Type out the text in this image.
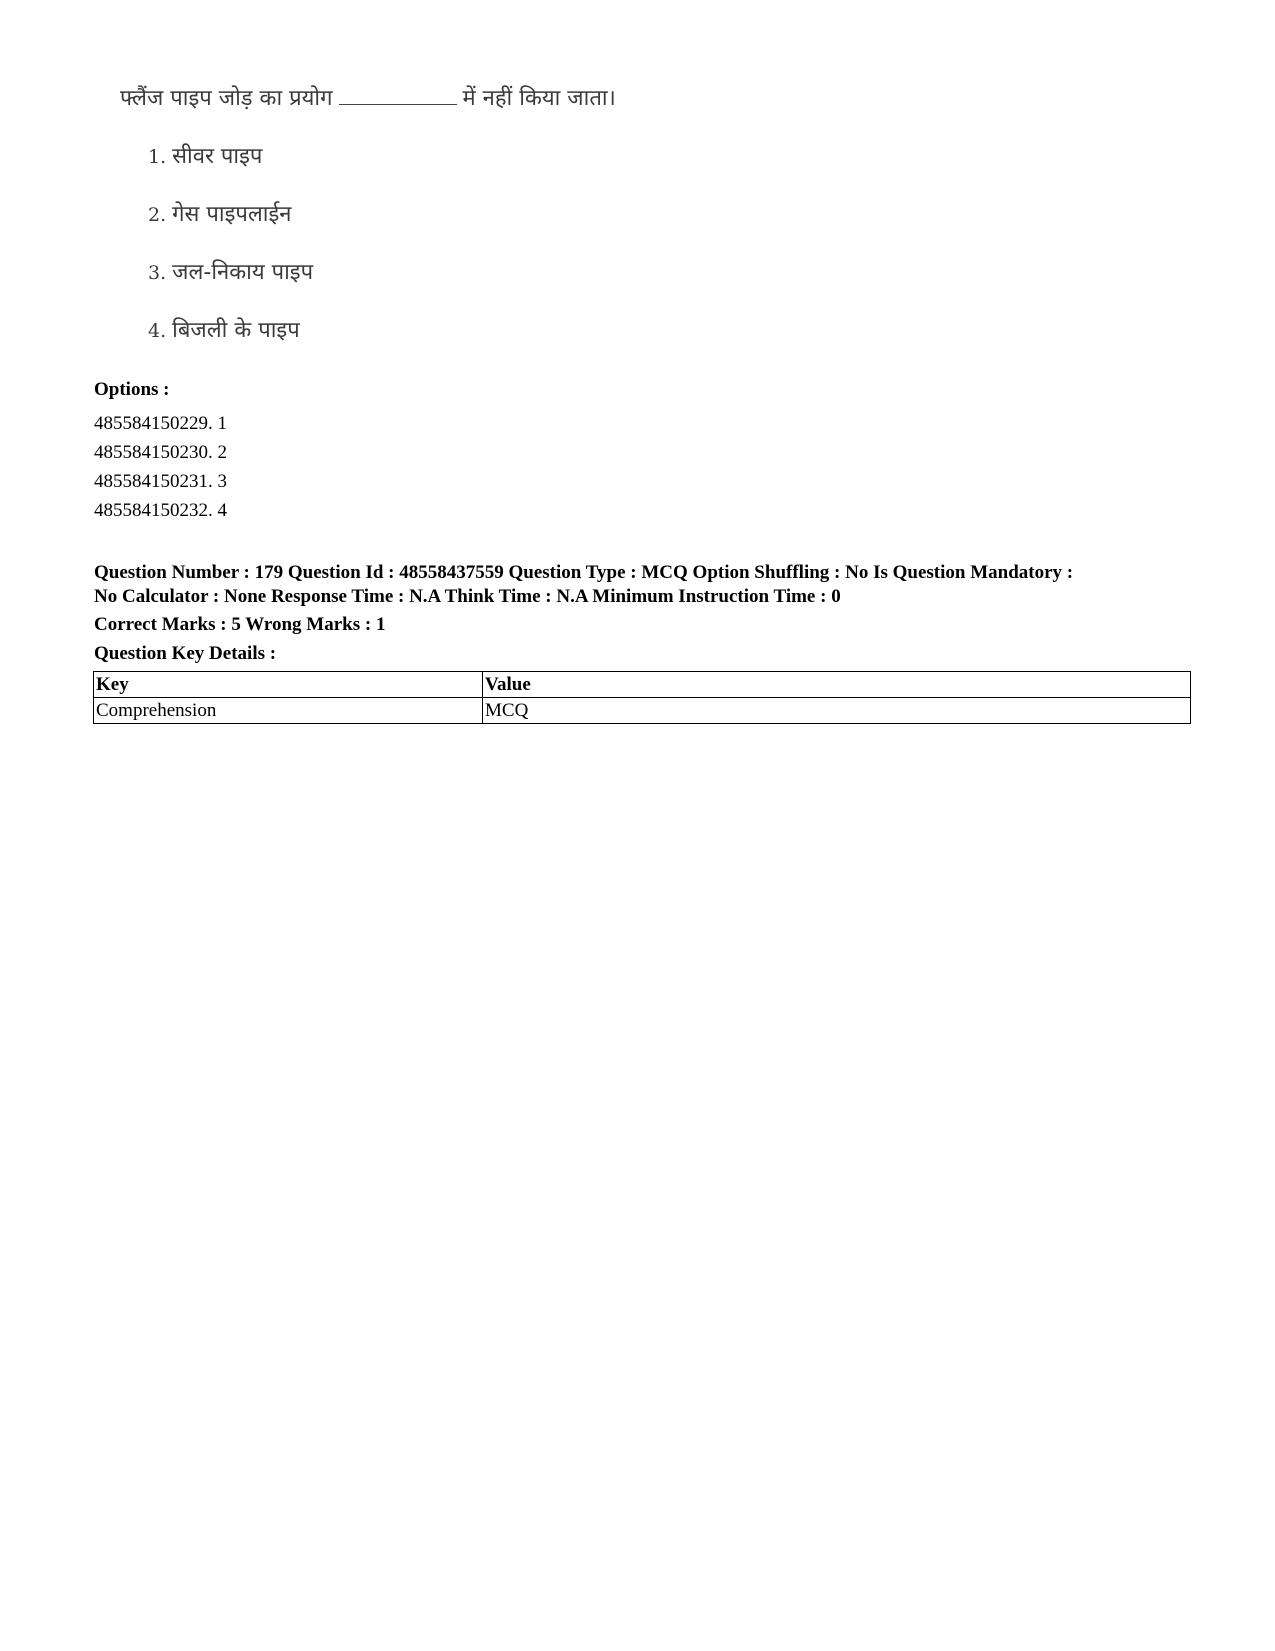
फ्लैंज पाइप जोड़ का प्रयोग	में नहीं किया जाता।

1. सीवर पाइप
2. गेस पाइपलाईन
3. जल-निकाय पाइप
4. बिजली के पाइप
Options :
485584150229. 1
485584150230. 2
485584150231. 3
485584150232. 4

Question Number : 179 Question Id : 48558437559 Question Type : MCQ Option Shuffling : No Is Question Mandatory :

No Calculator : None Response Time : N.A Think Time : N.A Minimum Instruction Time : 0

Correct Marks : 5 Wrong Marks : 1
Question Key Details :
Key	Value
Comprehension	MCQ
